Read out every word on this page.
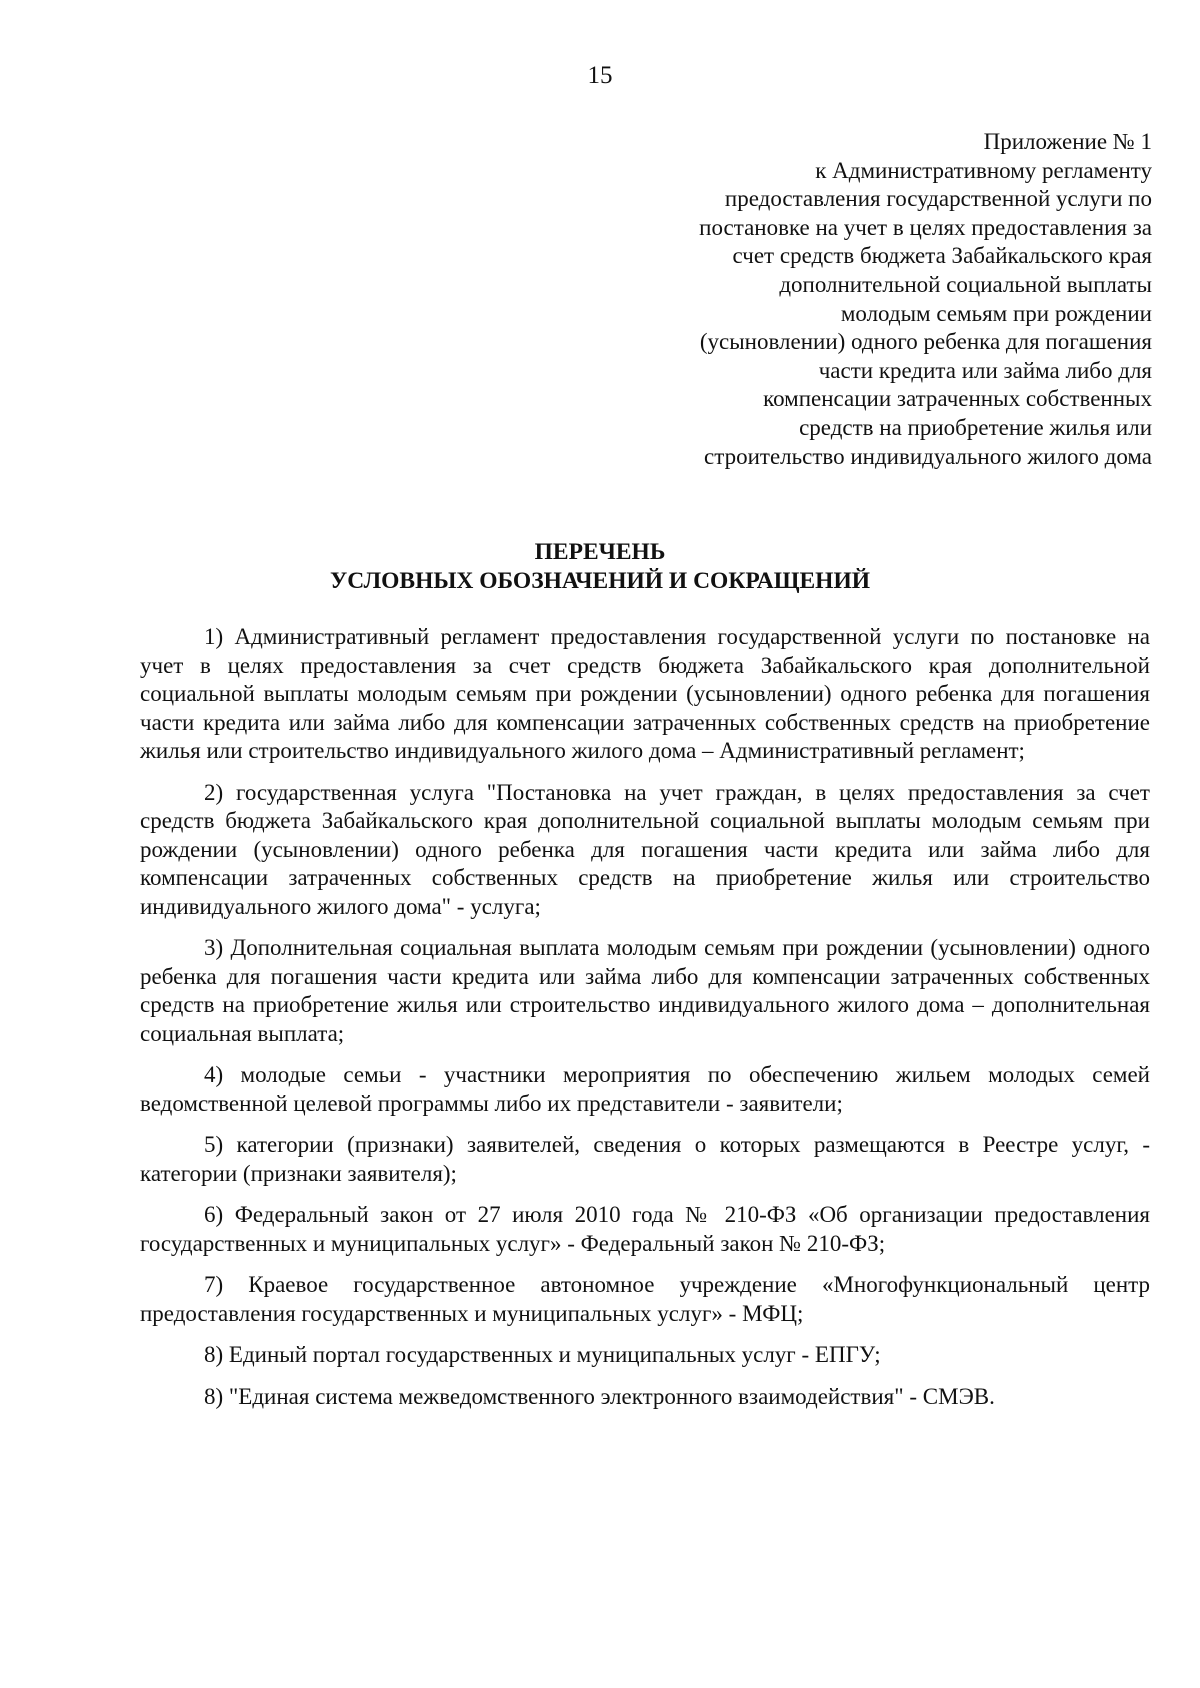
15
Приложение № 1
к Административному регламенту
предоставления государственной услуги по
постановке на учет в целях предоставления за
счет средств бюджета Забайкальского края
дополнительной социальной выплаты
молодым семьям при рождении
(усыновлении) одного ребенка для погашения
части кредита или займа либо для
компенсации затраченных собственных
средств на приобретение жилья или
строительство индивидуального жилого дома
ПЕРЕЧЕНЬ
УСЛОВНЫХ ОБОЗНАЧЕНИЙ И СОКРАЩЕНИЙ

1) Административный регламент предоставления государственной услуги по постановке на учет в целях предоставления за счет средств бюджета Забайкальского края дополнительной социальной выплаты молодым семьям при рождении (усыновлении) одного ребенка для погашения части кредита или займа либо для компенсации затраченных собственных средств на приобретение жилья или строительство индивидуального жилого дома – Административный регламент;

2) государственная услуга "Постановка на учет граждан, в целях предоставления за счет средств бюджета Забайкальского края дополнительной социальной выплаты молодым семьям при рождении (усыновлении) одного ребенка для погашения части кредита или займа либо для компенсации затраченных собственных средств на приобретение жилья или строительство индивидуального жилого дома" - услуга;

3) Дополнительная социальная выплата молодым семьям при рождении (усыновлении) одного ребенка для погашения части кредита или займа либо для компенсации затраченных собственных средств на приобретение жилья или строительство индивидуального жилого дома – дополнительная социальная выплата;

4) молодые семьи - участники мероприятия по обеспечению жильем молодых семей ведомственной целевой программы либо их представители - заявители;

5) категории (признаки) заявителей, сведения о которых размещаются в Реестре услуг, - категории (признаки заявителя);

6) Федеральный закон от 27 июля 2010 года № 210-ФЗ «Об организации предоставления государственных и муниципальных услуг» - Федеральный закон № 210-ФЗ;

7) Краевое государственное автономное учреждение «Многофункциональный центр предоставления государственных и муниципальных услуг» - МФЦ;

8) Единый портал государственных и муниципальных услуг - ЕПГУ;

8) "Единая система межведомственного электронного взаимодействия" - СМЭВ.
